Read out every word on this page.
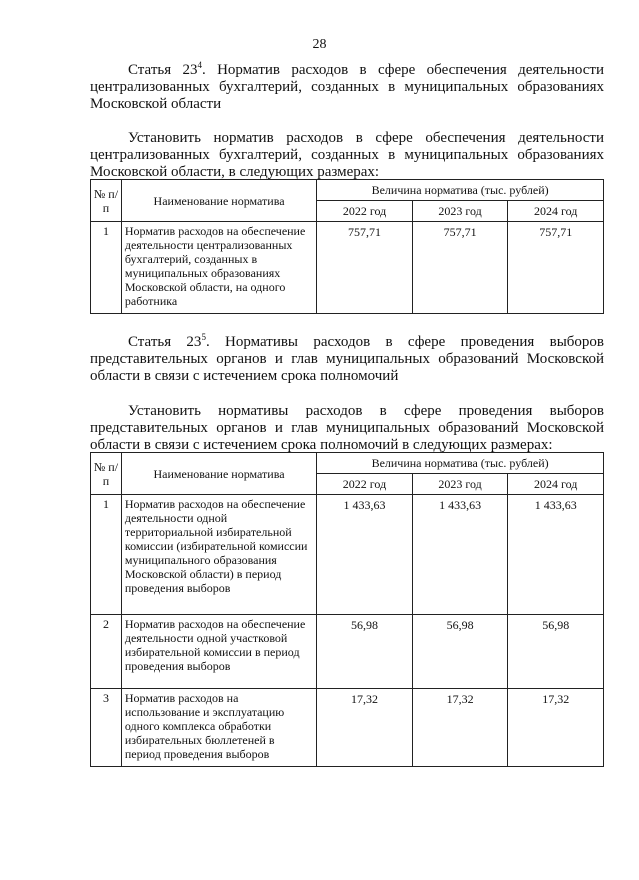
28

Статья $23^4$. Норматив расходов в сфере обеспечения деятельности централизованных бухгалтерий, созданных в муниципальных образованиях Московской области

Установить норматив расходов в сфере обеспечения деятельности централизованных бухгалтерий, созданных в муниципальных образованиях Московской области, в следующих размерах:

№ п/п	Наименование норматива	Величина норматива (тыс. рублей)		
		2022 год	2023 год	2024 год
1	Норматив расходов на обеспечение деятельности централизованных бухгалтерий, созданных в муниципальных образованиях Московской области, на одного работника	757,71	757,71	757,71

Статья $23^5$. Нормативы расходов в сфере проведения выборов представительных органов и глав муниципальных образований Московской области в связи с истечением срока полномочий

Установить нормативы расходов в сфере проведения выборов представительных органов и глав муниципальных образований Московской области в связи с истечением срока полномочий в следующих размерах:

№ п/п	Наименование норматива	Величина норматива (тыс. рублей)		
		2022 год	2023 год	2024 год
1	Норматив расходов на обеспечение деятельности одной территориальной избирательной комиссии (избирательной комиссии муниципального образования Московской области) в период проведения выборов	1 433,63	1 433,63	1 433,63
2	Норматив расходов на обеспечение деятельности одной участковой избирательной комиссии в период проведения выборов	56,98	56,98	56,98
3	Норматив расходов на использование и эксплуатацию одного комплекса обработки избирательных бюллетеней в период проведения выборов	17,32	17,32	17,32
